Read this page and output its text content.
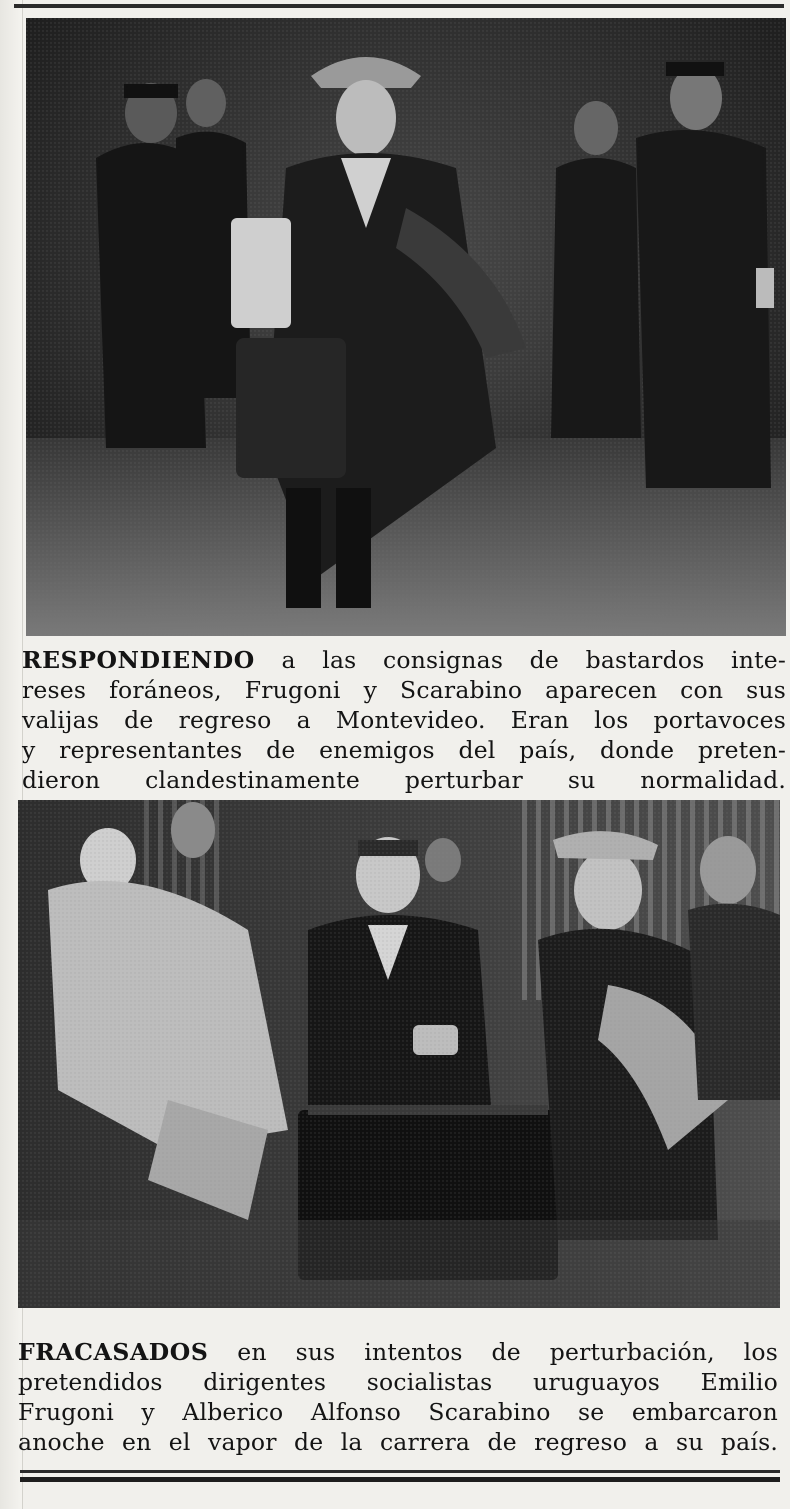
RESPONDIENDO a las consignas de bastardos inte-
reses foráneos, Frugoni y Scarabino aparecen con sus
valijas de regreso a Montevideo. Eran los portavoces
y representantes de enemigos del país, donde preten-
dieron clandestinamente perturbar su normalidad.
FRACASADOS en sus intentos de perturbación, los
pretendidos dirigentes socialistas uruguayos Emilio
Frugoni y Alberico Alfonso Scarabino se embarcaron
anoche en el vapor de la carrera de regreso a su país.
